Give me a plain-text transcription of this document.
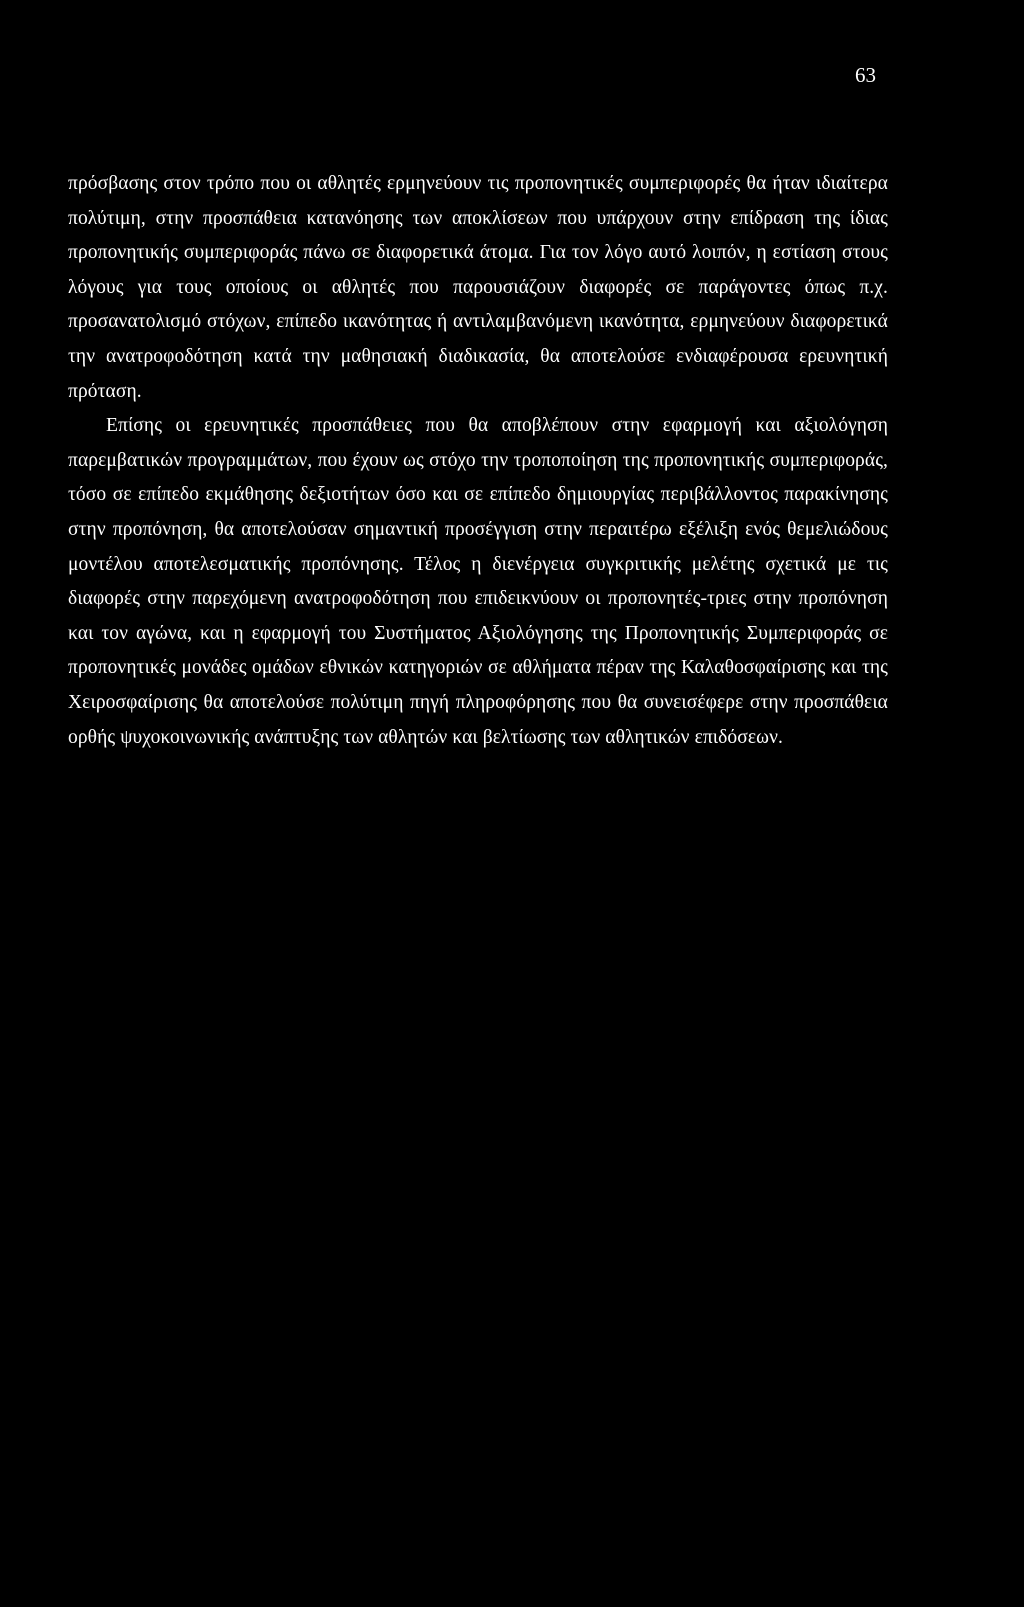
63

πρόσβασης στον τρόπο που οι αθλητές ερμηνεύουν τις προπονητικές συμπεριφορές θα ήταν ιδιαίτερα πολύτιμη, στην προσπάθεια κατανόησης των αποκλίσεων που υπάρχουν στην επίδραση της ίδιας προπονητικής συμπεριφοράς πάνω σε διαφορετικά άτομα. Για τον λόγο αυτό λοιπόν, η εστίαση στους λόγους για τους οποίους οι αθλητές που παρουσιάζουν διαφορές σε παράγοντες όπως π.χ. προσανατολισμό στόχων, επίπεδο ικανότητας ή αντιλαμβανόμενη ικανότητα, ερμηνεύουν διαφορετικά την ανατροφοδότηση κατά την μαθησιακή διαδικασία, θα αποτελούσε ενδιαφέρουσα ερευνητική πρόταση.

Επίσης οι ερευνητικές προσπάθειες που θα αποβλέπουν στην εφαρμογή και αξιολόγηση παρεμβατικών προγραμμάτων, που έχουν ως στόχο την τροποποίηση της προπονητικής συμπεριφοράς, τόσο σε επίπεδο εκμάθησης δεξιοτήτων όσο και σε επίπεδο δημιουργίας περιβάλλοντος παρακίνησης στην προπόνηση, θα αποτελούσαν σημαντική προσέγγιση στην περαιτέρω εξέλιξη ενός θεμελιώδους μοντέλου αποτελεσματικής προπόνησης. Τέλος η διενέργεια συγκριτικής μελέτης σχετικά με τις διαφορές στην παρεχόμενη ανατροφοδότηση που επιδεικνύουν οι προπονητές-τριες στην προπόνηση και τον αγώνα, και η εφαρμογή του Συστήματος Αξιολόγησης της Προπονητικής Συμπεριφοράς σε προπονητικές μονάδες ομάδων εθνικών κατηγοριών σε αθλήματα πέραν της Καλαθοσφαίρισης και της Χειροσφαίρισης θα αποτελούσε πολύτιμη πηγή πληροφόρησης που θα συνεισέφερε στην προσπάθεια ορθής ψυχοκοινωνικής ανάπτυξης των αθλητών και βελτίωσης των αθλητικών επιδόσεων.
